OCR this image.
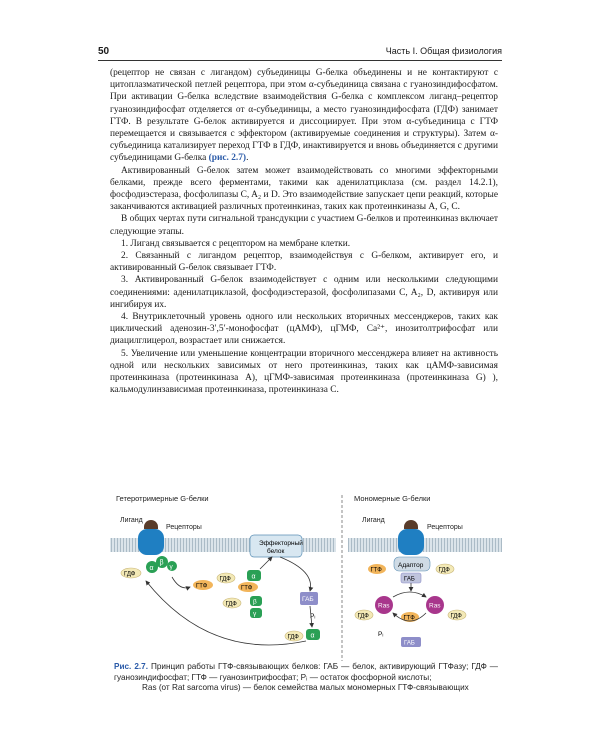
50	Часть I. Общая физиология

(рецептор не связан с лигандом) субъединицы G-белка объединены и не контактируют с цитоплазматической петлей рецептора, при этом α-субъединица связана с гуанозиндифосфатом. При активации G-белка вследствие взаимодействия G-белка с комплексом лиганд–рецептор гуанозиндифосфат отделяется от α-субъединицы, а место гуанозиндифосфата (ГДФ) занимает ГТФ. В результате G-белок активируется и диссоциирует. При этом α-субъединица с ГТФ перемещается и связывается с эффектором (активируемые соединения и структуры). Затем α-субъединица катализирует переход ГТФ в ГДФ, инактивируется и вновь объединяется с другими субъединицами G-белка (рис. 2.7).

Активированный G-белок затем может взаимодействовать со многими эффекторными белками, прежде всего ферментами, такими как аденилатциклаза (см. раздел 14.2.1), фосфодиэстераза, фосфолипазы C, A₂ и D. Это взаимодействие запускает цепи реакций, которые заканчиваются активацией различных протеинкиназ, таких как протеинкиназы A, G, C.

В общих чертах пути сигнальной трансдукции с участием G-белков и протеинкиназ включает следующие этапы.

1. Лиганд связывается с рецептором на мембране клетки.

2. Связанный с лигандом рецептор, взаимодействуя с G-белком, активирует его, и активированный G-белок связывает ГТФ.

3. Активированный G-белок взаимодействует с одним или несколькими следующими соединениями: аденилатциклазой, фосфодиэстеразой, фосфолипазами C, A₂, D, активируя или ингибируя их.

4. Внутриклеточный уровень одного или нескольких вторичных мессенджеров, таких как циклический аденозин-3′,5′-монофосфат (цАМФ), цГМФ, Ca²⁺, инозитолтрифосфат или диацилглицерол, возрастает или снижается.

5. Увеличение или уменьшение концентрации вторичного мессенджера влияет на активность одной или нескольких зависимых от него протеинкиназ, таких как цАМФ-зависимая протеинкиназа (протеинкиназа A), цГМФ-зависимая протеинкиназа (протеинкиназа G) ), кальмодулинзависимая протеинкиназа, протеинкиназа C.

Гетеротримерные G-белки	Мономерные G-белки
Лиганд
Рецепторы
β
γ
α
ГДФ
Эффекторный
белок
ГТФ
ГДФ	α
ГТФ
β
γ
ГДФ
ГАБ
Pᵢ
α
ГДФ
Лиганд
Рецепторы
Адаптор
ГАБ
ГТФ	ГДФ
Ras	Ras
ГДФ	ГТФ	ГДФ
Pᵢ
ГАБ
Рис. 2.7. Принцип работы ГТФ-связывающих белков: ГАБ — белок, активирующий ГТФазу; ГДФ — гуанозиндифосфат; ГТФ — гуанозинтрифосфат; Pᵢ — остаток фосфорной кислоты;
Ras (от Rat sarcoma virus) — белок семейства малых мономерных ГТФ-связывающих
